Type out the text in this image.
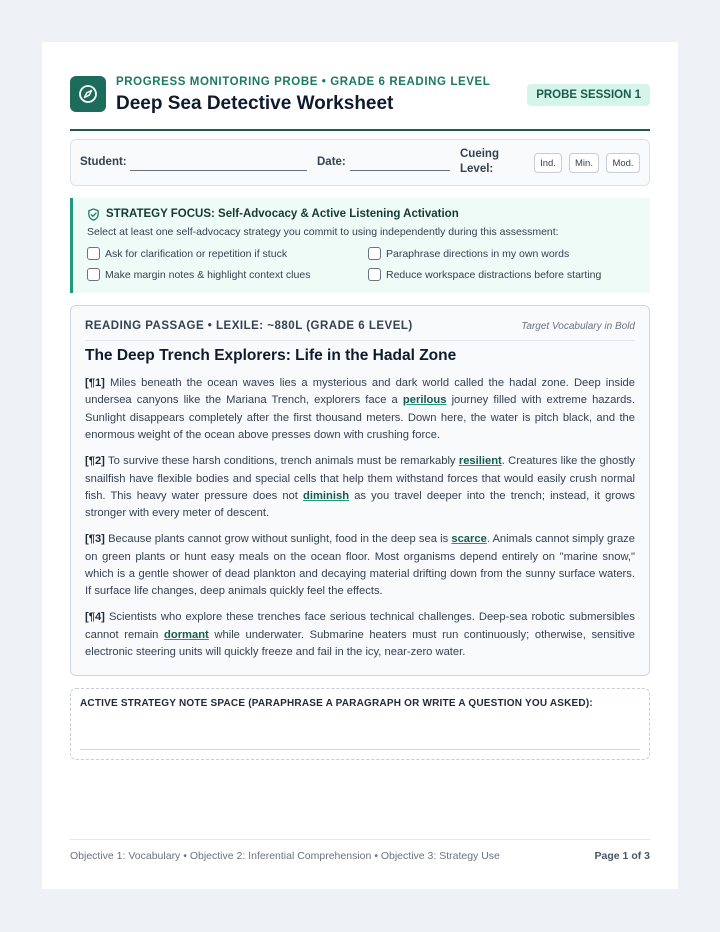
PROGRESS MONITORING PROBE • GRADE 6 READING LEVEL
Deep Sea Detective Worksheet	PROBE SESSION 1
Student:	Date:
Cueing Level:	Ind.	Min.	Mod.
STRATEGY FOCUS: Self-Advocacy & Active Listening Activation
Select at least one self-advocacy strategy you commit to using independently during this assessment:
Ask for clarification or repetition if stuck	Paraphrase directions in my own words
Make margin notes & highlight context clues	Reduce workspace distractions before starting
READING PASSAGE • LEXILE: ~880L (GRADE 6 LEVEL)	Target Vocabulary in Bold
The Deep Trench Explorers: Life in the Hadal Zone

[¶1] Miles beneath the ocean waves lies a mysterious and dark world called the hadal zone. Deep inside undersea canyons like the Mariana Trench, explorers face a perilous journey filled with extreme hazards. Sunlight disappears completely after the first thousand meters. Down here, the water is pitch black, and the enormous weight of the ocean above presses down with crushing force.

[¶2] To survive these harsh conditions, trench animals must be remarkably resilient. Creatures like the ghostly snailfish have flexible bodies and special cells that help them withstand forces that would easily crush normal fish. This heavy water pressure does not diminish as you travel deeper into the trench; instead, it grows stronger with every meter of descent.

[¶3] Because plants cannot grow without sunlight, food in the deep sea is scarce. Animals cannot simply graze on green plants or hunt easy meals on the ocean floor. Most organisms depend entirely on "marine snow," which is a gentle shower of dead plankton and decaying material drifting down from the sunny surface waters. If surface life changes, deep animals quickly feel the effects.

[¶4] Scientists who explore these trenches face serious technical challenges. Deep-sea robotic submersibles cannot remain dormant while underwater. Submarine heaters must run continuously; otherwise, sensitive electronic steering units will quickly freeze and fail in the icy, near-zero water.

ACTIVE STRATEGY NOTE SPACE (PARAPHRASE A PARAGRAPH OR WRITE A QUESTION YOU ASKED):
Objective 1: Vocabulary • Objective 2: Inferential Comprehension • Objective 3: Strategy Use	Page 1 of 3
